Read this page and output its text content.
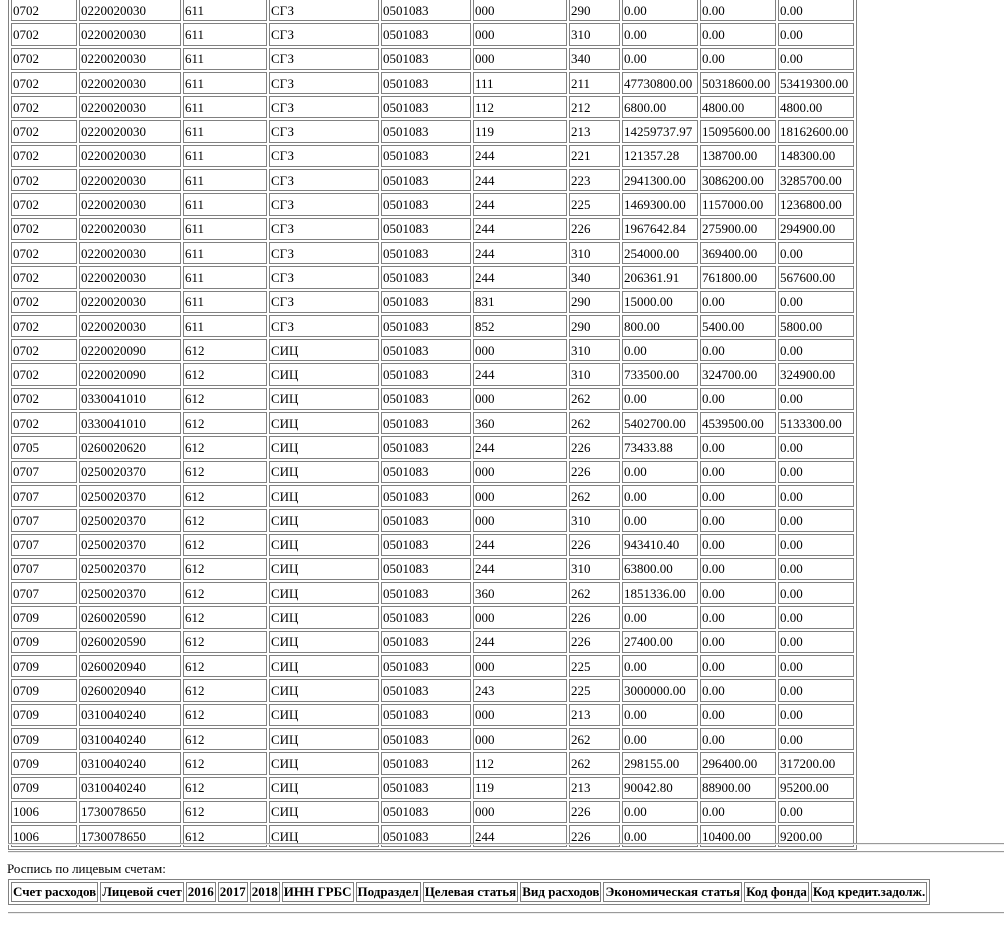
0702	0220020030	611	СГЗ	0501083	000	290	0.00	0.00	0.00
0702	0220020030	611	СГЗ	0501083	000	310	0.00	0.00	0.00
0702	0220020030	611	СГЗ	0501083	000	340	0.00	0.00	0.00
0702	0220020030	611	СГЗ	0501083	111	211	47730800.00	50318600.00	53419300.00
0702	0220020030	611	СГЗ	0501083	112	212	6800.00	4800.00	4800.00
0702	0220020030	611	СГЗ	0501083	119	213	14259737.97	15095600.00	18162600.00
0702	0220020030	611	СГЗ	0501083	244	221	121357.28	138700.00	148300.00
0702	0220020030	611	СГЗ	0501083	244	223	2941300.00	3086200.00	3285700.00
0702	0220020030	611	СГЗ	0501083	244	225	1469300.00	1157000.00	1236800.00
0702	0220020030	611	СГЗ	0501083	244	226	1967642.84	275900.00	294900.00
0702	0220020030	611	СГЗ	0501083	244	310	254000.00	369400.00	0.00
0702	0220020030	611	СГЗ	0501083	244	340	206361.91	761800.00	567600.00
0702	0220020030	611	СГЗ	0501083	831	290	15000.00	0.00	0.00
0702	0220020030	611	СГЗ	0501083	852	290	800.00	5400.00	5800.00
0702	0220020090	612	СИЦ	0501083	000	310	0.00	0.00	0.00
0702	0220020090	612	СИЦ	0501083	244	310	733500.00	324700.00	324900.00
0702	0330041010	612	СИЦ	0501083	000	262	0.00	0.00	0.00
0702	0330041010	612	СИЦ	0501083	360	262	5402700.00	4539500.00	5133300.00
0705	0260020620	612	СИЦ	0501083	244	226	73433.88	0.00	0.00
0707	0250020370	612	СИЦ	0501083	000	226	0.00	0.00	0.00
0707	0250020370	612	СИЦ	0501083	000	262	0.00	0.00	0.00
0707	0250020370	612	СИЦ	0501083	000	310	0.00	0.00	0.00
0707	0250020370	612	СИЦ	0501083	244	226	943410.40	0.00	0.00
0707	0250020370	612	СИЦ	0501083	244	310	63800.00	0.00	0.00
0707	0250020370	612	СИЦ	0501083	360	262	1851336.00	0.00	0.00
0709	0260020590	612	СИЦ	0501083	000	226	0.00	0.00	0.00
0709	0260020590	612	СИЦ	0501083	244	226	27400.00	0.00	0.00
0709	0260020940	612	СИЦ	0501083	000	225	0.00	0.00	0.00
0709	0260020940	612	СИЦ	0501083	243	225	3000000.00	0.00	0.00
0709	0310040240	612	СИЦ	0501083	000	213	0.00	0.00	0.00
0709	0310040240	612	СИЦ	0501083	000	262	0.00	0.00	0.00
0709	0310040240	612	СИЦ	0501083	112	262	298155.00	296400.00	317200.00
0709	0310040240	612	СИЦ	0501083	119	213	90042.80	88900.00	95200.00
1006	1730078650	612	СИЦ	0501083	000	226	0.00	0.00	0.00
1006	1730078650	612	СИЦ	0501083	244	226	0.00	10400.00	9200.00
Роспись по лицевым счетам:
Счет расходов	Лицевой счет	2016	2017	2018	ИНН ГРБС	Подраздел	Целевая статья	Вид расходов	Экономическая статья	Код фонда	Код кредит.задолж.
